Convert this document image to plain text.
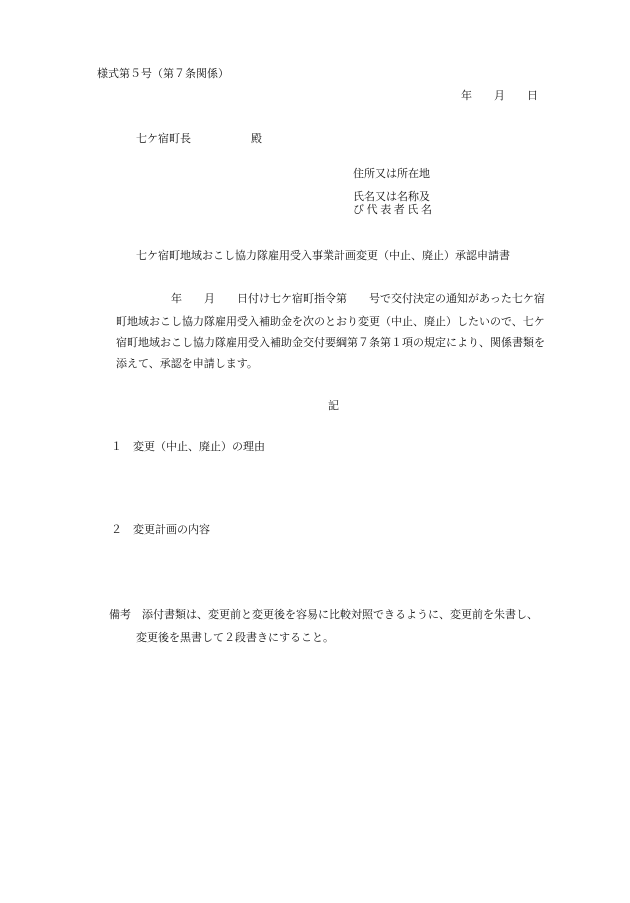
様式第５号（第７条関係）
年 月 日
七ケ宿町長	殿
住所又は所在地
氏名又は名称及
び代表者氏名
七ケ宿町地域おこし協力隊雇用受入事業計画変更（中止、廃止）承認申請書
　　　　　年　　月　　日付け七ケ宿町指令第　　号で交付決定の通知があった七ケ宿
町地域おこし協力隊雇用受入補助金を次のとおり変更（中止、廃止）したいので、七ケ
宿町地域おこし協力隊雇用受入補助金交付要綱第７条第１項の規定により、関係書類を
添えて、承認を申請します。
記
１　変更（中止、廃止）の理由
２　変更計画の内容
備考　添付書類は、変更前と変更後を容易に比較対照できるように、変更前を朱書し、
変更後を黒書して２段書きにすること。
